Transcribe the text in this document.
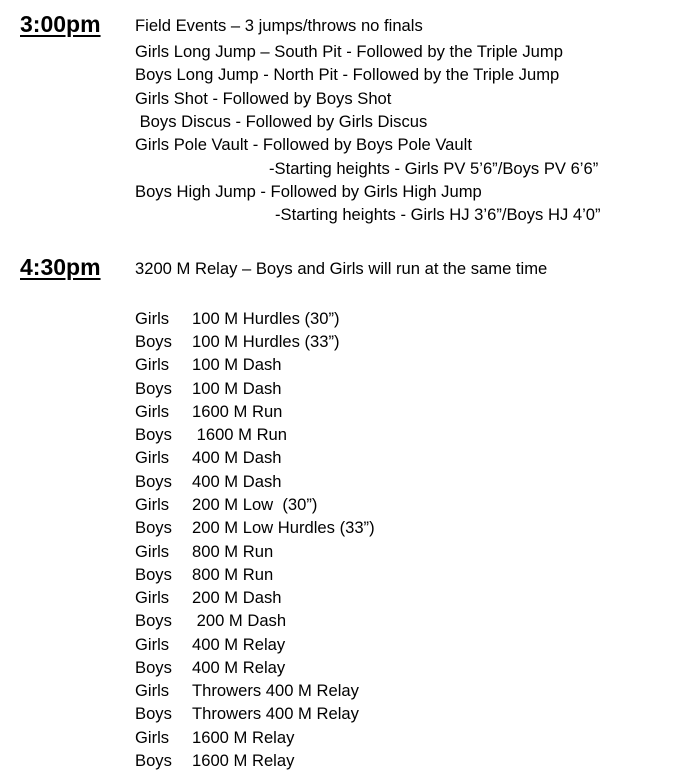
3:00pm Field Events – 3 jumps/throws no finals
Girls Long Jump – South Pit - Followed by the Triple Jump
Boys Long Jump - North Pit - Followed by the Triple Jump
Girls Shot - Followed by Boys Shot
Boys Discus - Followed by Girls Discus
Girls Pole Vault - Followed by Boys Pole Vault
-Starting heights - Girls PV 5’6”/Boys PV 6’6”
Boys High Jump - Followed by Girls High Jump
-Starting heights - Girls HJ 3’6”/Boys HJ 4’0”
4:30pm 3200 M Relay – Boys and Girls will run at the same time
Girls 100 M Hurdles (30”)
Boys 100 M Hurdles (33”)
Girls 100 M Dash
Boys 100 M Dash
Girls 1600 M Run
Boys 1600 M Run
Girls 400 M Dash
Boys 400 M Dash
Girls 200 M Low  (30”)
Boys 200 M Low Hurdles (33”)
Girls 800 M Run
Boys 800 M Run
Girls 200 M Dash
Boys 200 M Dash
Girls 400 M Relay
Boys 400 M Relay
Girls Throwers 400 M Relay
Boys Throwers 400 M Relay
Girls 1600 M Relay
Boys 1600 M Relay
